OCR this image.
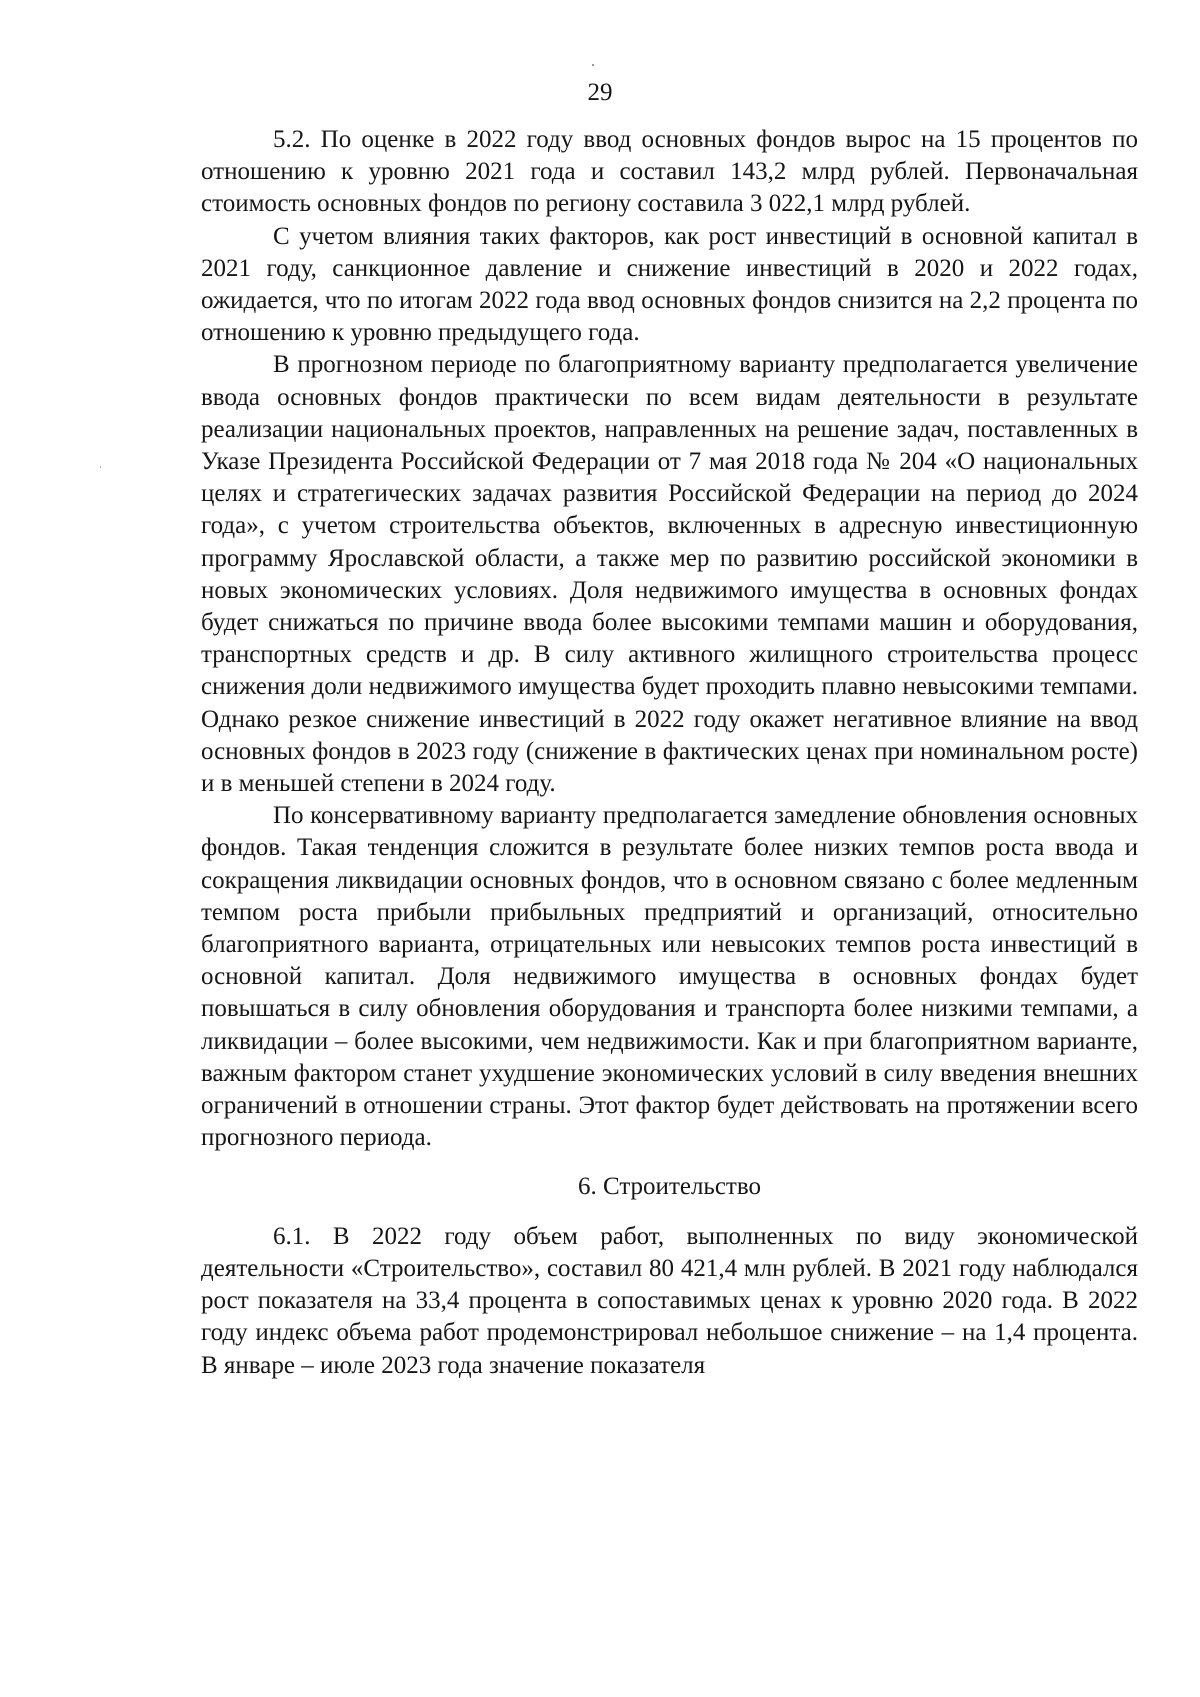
29

5.2. По оценке в 2022 году ввод основных фондов вырос на 15 процентов по отношению к уровню 2021 года и составил 143,2 млрд рублей. Первоначальная стоимость основных фондов по региону составила 3 022,1 млрд рублей.

С учетом влияния таких факторов, как рост инвестиций в основной капитал в 2021 году, санкционное давление и снижение инвестиций в 2020 и 2022 годах, ожидается, что по итогам 2022 года ввод основных фондов снизится на 2,2 процента по отношению к уровню предыдущего года.

В прогнозном периоде по благоприятному варианту предполагается увеличение ввода основных фондов практически по всем видам деятельности в результате реализации национальных проектов, направленных на решение задач, поставленных в Указе Президента Российской Федерации от 7 мая 2018 года № 204 «О национальных целях и стратегических задачах развития Российской Федерации на период до 2024 года», с учетом строительства объектов, включенных в адресную инвестиционную программу Ярославской области, а также мер по развитию российской экономики в новых экономических условиях. Доля недвижимого имущества в основных фондах будет снижаться по причине ввода более высокими темпами машин и оборудования, транспортных средств и др. В силу активного жилищного строительства процесс снижения доли недвижимого имущества будет проходить плавно невысокими темпами. Однако резкое снижение инвестиций в 2022 году окажет негативное влияние на ввод основных фондов в 2023 году (снижение в фактических ценах при номинальном росте) и в меньшей степени в 2024 году.

По консервативному варианту предполагается замедление обновления основных фондов. Такая тенденция сложится в результате более низких темпов роста ввода и сокращения ликвидации основных фондов, что в основном связано с более медленным темпом роста прибыли прибыльных предприятий и организаций, относительно благоприятного варианта, отрицательных или невысоких темпов роста инвестиций в основной капитал. Доля недвижимого имущества в основных фондах будет повышаться в силу обновления оборудования и транспорта более низкими темпами, а ликвидации – более высокими, чем недвижимости. Как и при благоприятном варианте, важным фактором станет ухудшение экономических условий в силу введения внешних ограничений в отношении страны. Этот фактор будет действовать на протяжении всего прогнозного периода.

6. Строительство

6.1. В 2022 году объем работ, выполненных по виду экономической деятельности «Строительство», составил 80 421,4 млн рублей. В 2021 году наблюдался рост показателя на 33,4 процента в сопоставимых ценах к уровню 2020 года. В 2022 году индекс объема работ продемонстрировал небольшое снижение – на 1,4 процента. В январе – июле 2023 года значение показателя
